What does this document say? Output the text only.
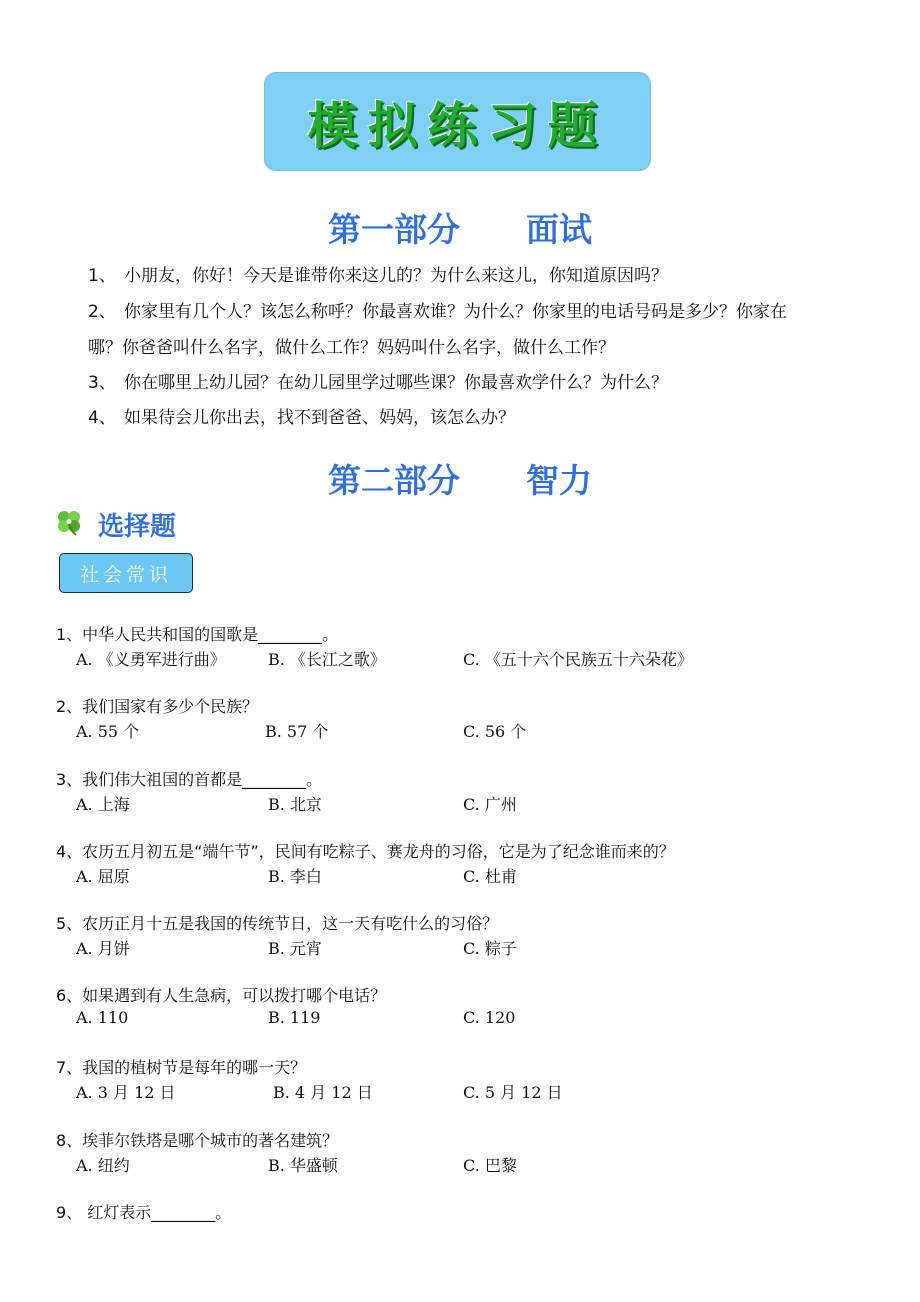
模拟练习题
第一部分　　面试
1、 小朋友，你好！今天是谁带你来这儿的？为什么来这儿，你知道原因吗？
2、 你家里有几个人？该怎么称呼？你最喜欢谁？为什么？你家里的电话号码是多少？你家在
哪？你爸爸叫什么名字，做什么工作？妈妈叫什么名字，做什么工作？
3、 你在哪里上幼儿园？在幼儿园里学过哪些课？你最喜欢学什么？为什么？
4、 如果待会儿你出去，找不到爸爸、妈妈，该怎么办？
第二部分　　智力
选择题
社会常识
1、中华人民共和国的国歌是________。
A. 《义勇军进行曲》	B. 《长江之歌》	C. 《五十六个民族五十六朵花》
2、我们国家有多少个民族？
A. 55 个	B. 57 个	C. 56 个
3、我们伟大祖国的首都是________。
A. 上海	B. 北京	C. 广州
4、农历五月初五是“端午节”，民间有吃粽子、赛龙舟的习俗，它是为了纪念谁而来的？
A. 屈原	B. 李白	C. 杜甫
5、农历正月十五是我国的传统节日，这一天有吃什么的习俗？
A. 月饼	B. 元宵	C. 粽子
6、如果遇到有人生急病，可以拨打哪个电话？
A. 110	B. 119	C. 120
7、我国的植树节是每年的哪一天？
A. 3 月 12 日	B. 4 月 12 日	C. 5 月 12 日
8、埃菲尔铁塔是哪个城市的著名建筑？
A. 纽约	B. 华盛顿	C. 巴黎
9、 红灯表示________。
